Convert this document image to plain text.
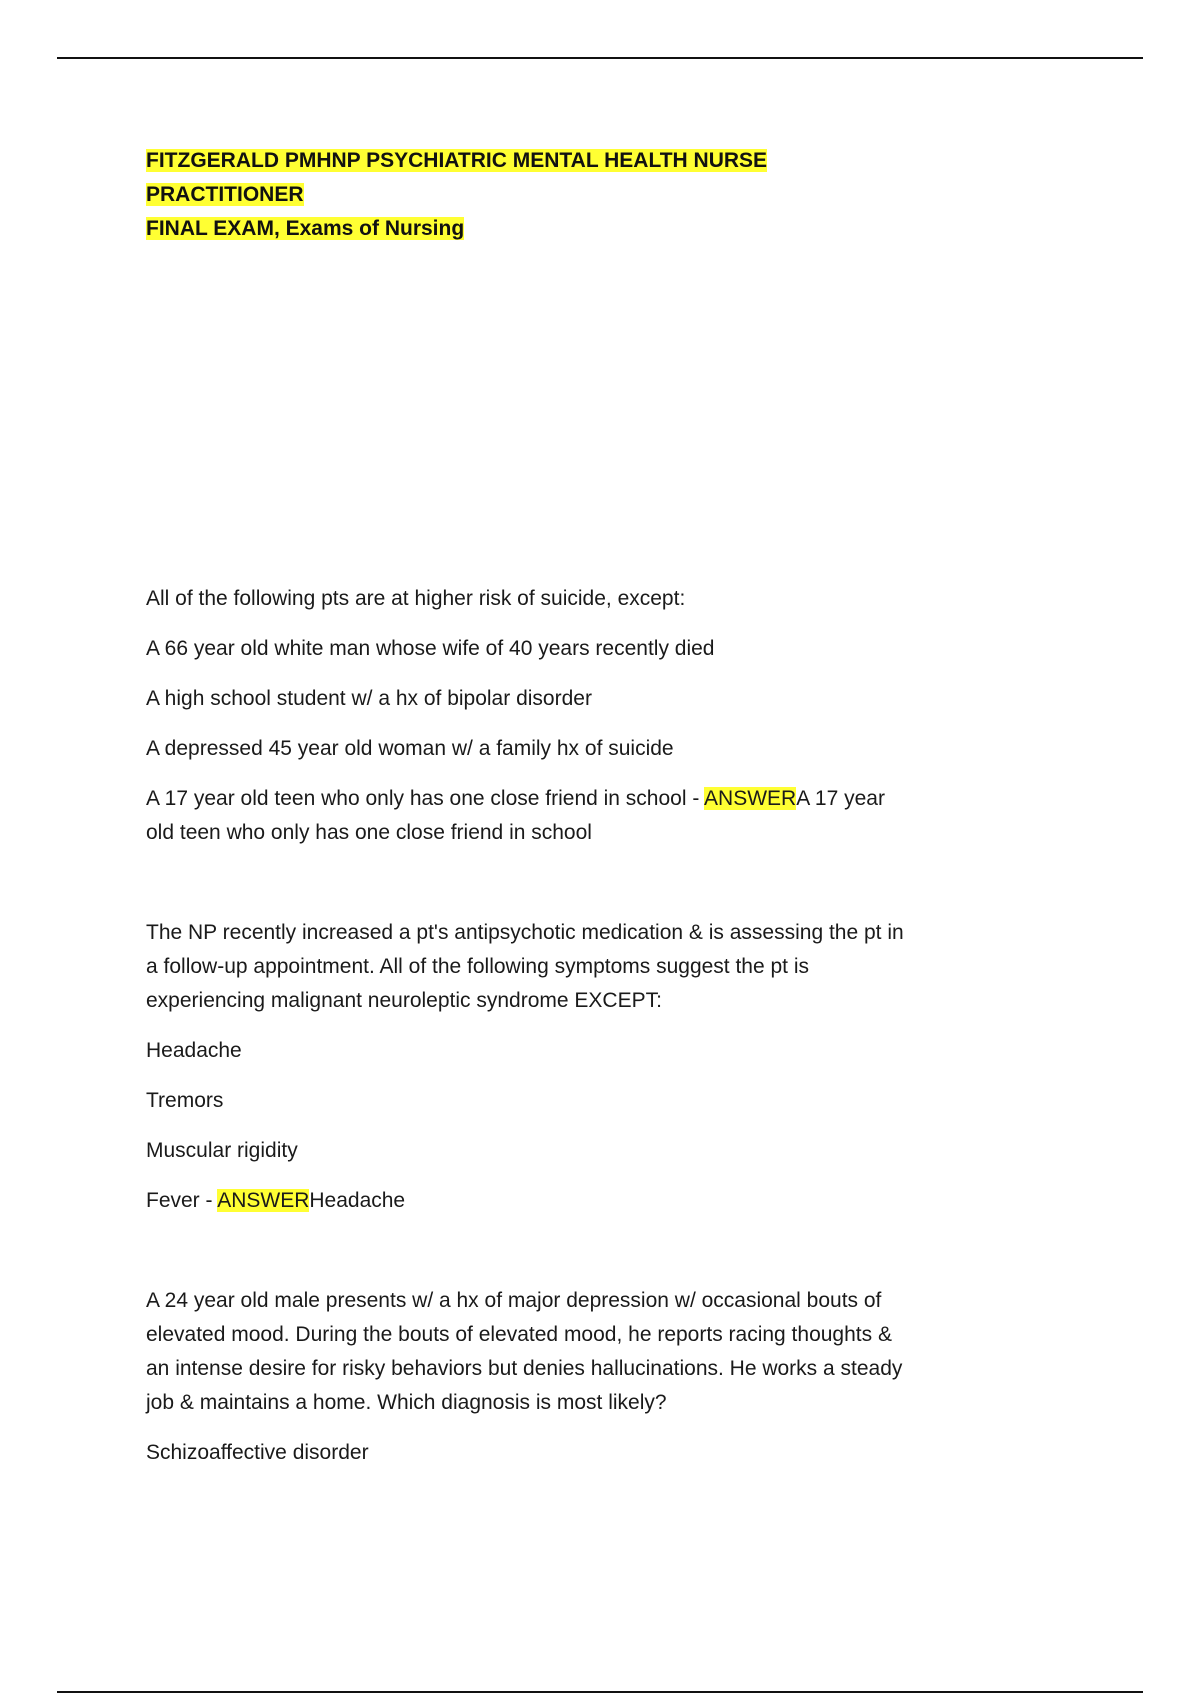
FITZGERALD PMHNP PSYCHIATRIC MENTAL HEALTH NURSE PRACTITIONER
FINAL EXAM, Exams of Nursing

All of the following pts are at higher risk of suicide, except:

A 66 year old white man whose wife of 40 years recently died

A high school student w/ a hx of bipolar disorder

A depressed 45 year old woman w/ a family hx of suicide

A 17 year old teen who only has one close friend in school - ANSWERA 17 year old teen who only has one close friend in school

The NP recently increased a pt's antipsychotic medication & is assessing the pt in a follow-up appointment. All of the following symptoms suggest the pt is experiencing malignant neuroleptic syndrome EXCEPT:

Headache

Tremors

Muscular rigidity

Fever - ANSWERHeadache

A 24 year old male presents w/ a hx of major depression w/ occasional bouts of elevated mood. During the bouts of elevated mood, he reports racing thoughts & an intense desire for risky behaviors but denies hallucinations. He works a steady job & maintains a home. Which diagnosis is most likely?

Schizoaffective disorder
